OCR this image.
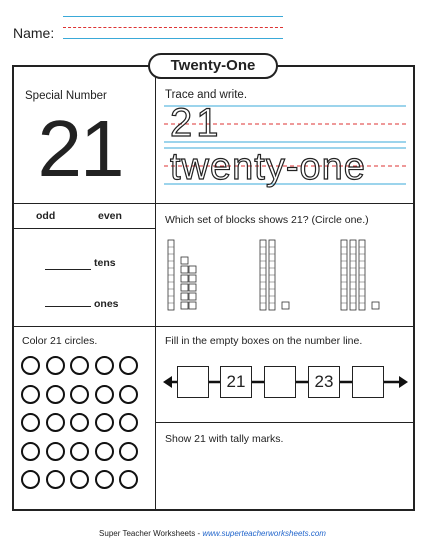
Name:
Twenty-One
Special Number
21
Trace and write.
21
twenty-one
odd	even
tens
ones
Which set of blocks shows 21? (Circle one.)
Color 21 circles.	Fill in the empty boxes on the number line.
21	23
Show 21 with tally marks.
Super Teacher Worksheets - www.superteacherworksheets.com
